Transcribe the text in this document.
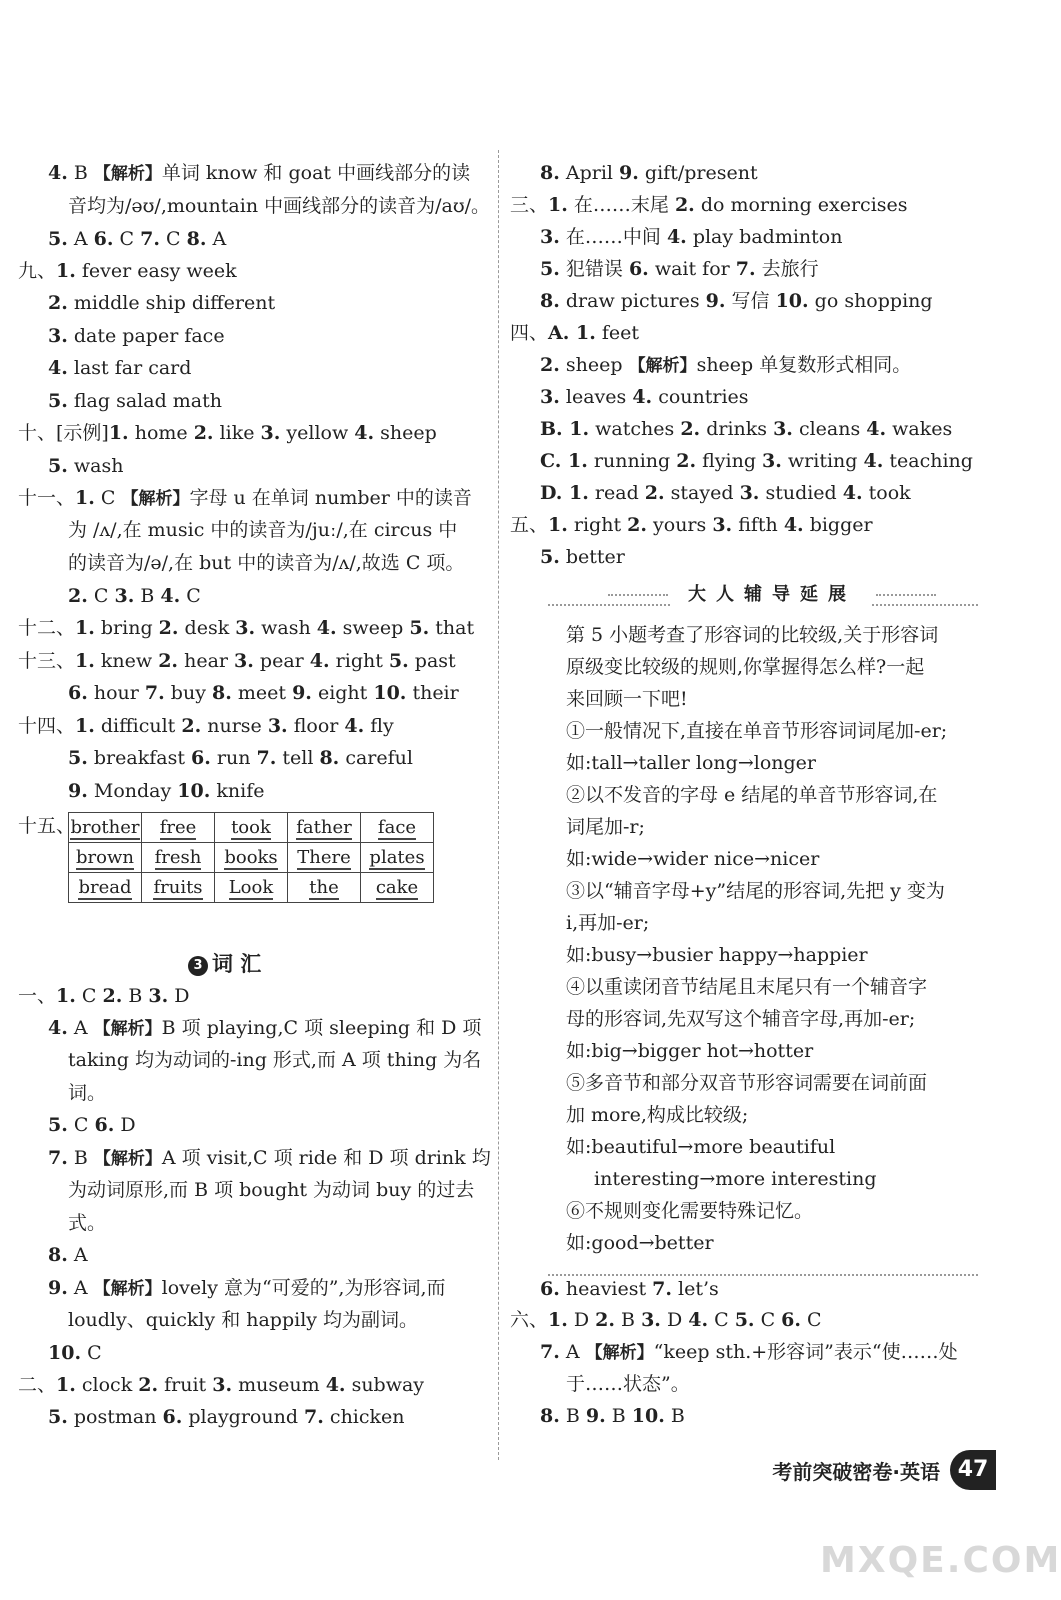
4. B 【解析】单词 know 和 goat 中画线部分的读
音均为/əʊ/,mountain 中画线部分的读音为/aʊ/。
5. A 6. C 7. C 8. A
九、1. fever easy week
2. middle ship different
3. date paper face
4. last far card
5. flag salad math
十、[示例]1. home 2. like 3. yellow 4. sheep
5. wash
十一、1. C 【解析】字母 u 在单词 number 中的读音
为 /ʌ/,在 music 中的读音为/juː/,在 circus 中
的读音为/ə/,在 but 中的读音为/ʌ/,故选 C 项。
2. C 3. B 4. C
十二、1. bring 2. desk 3. wash 4. sweep 5. that
十三、1. knew 2. hear 3. pear 4. right 5. past
6. hour 7. buy 8. meet 9. eight 10. their
十四、1. difficult 2. nurse 3. floor 4. fly
5. breakfast 6. run 7. tell 8. careful
9. Monday 10. knife
十五、
一、1. C 2. B 3. D
4. A 【解析】B 项 playing,C 项 sleeping 和 D 项
taking 均为动词的-ing 形式,而 A 项 thing 为名
词。
5. C 6. D
7. B 【解析】A 项 visit,C 项 ride 和 D 项 drink 均
为动词原形,而 B 项 bought 为动词 buy 的过去
式。
8. A
9. A 【解析】lovely 意为“可爱的”,为形容词,而
loudly、quickly 和 happily 均为副词。
10. C
二、1. clock 2. fruit 3. museum 4. subway
5. postman 6. playground 7. chicken
brother	free	took	father	face
brown	fresh	books	There	plates
bread	fruits	Look	the	cake
3 词 汇
大人辅导延展
8. April 9. gift/present
三、1. 在……末尾 2. do morning exercises
3. 在……中间 4. play badminton
5. 犯错误 6. wait for 7. 去旅行
8. draw pictures 9. 写信 10. go shopping
四、A. 1. feet
2. sheep 【解析】sheep 单复数形式相同。
3. leaves 4. countries
B. 1. watches 2. drinks 3. cleans 4. wakes
C. 1. running 2. flying 3. writing 4. teaching
D. 1. read 2. stayed 3. studied 4. took
五、1. right 2. yours 3. fifth 4. bigger
5. better
第 5 小题考查了形容词的比较级,关于形容词
原级变比较级的规则,你掌握得怎么样?一起
来回顾一下吧!
①一般情况下,直接在单音节形容词词尾加-er;
如:tall→taller long→longer
②以不发音的字母 e 结尾的单音节形容词,在
词尾加-r;
如:wide→wider nice→nicer
③以“辅音字母+y”结尾的形容词,先把 y 变为
i,再加-er;
如:busy→busier happy→happier
④以重读闭音节结尾且末尾只有一个辅音字
母的形容词,先双写这个辅音字母,再加-er;
如:big→bigger hot→hotter
⑤多音节和部分双音节形容词需要在词前面
加 more,构成比较级;
如:beautiful→more beautiful
interesting→more interesting
⑥不规则变化需要特殊记忆。
如:good→better
6. heaviest 7. let’s
六、1. D 2. B 3. D 4. C 5. C 6. C
7. A 【解析】“keep sth.+形容词”表示“使……处
于……状态”。
8. B 9. B 10. B
考前突破密卷·英语 47
MXQE.COM
